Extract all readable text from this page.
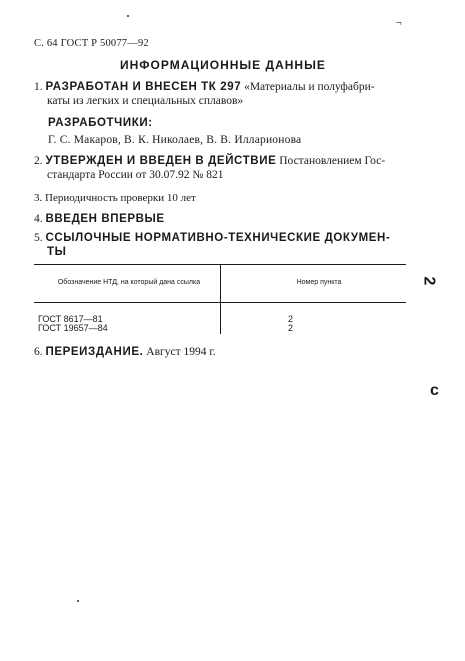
¬
С. 64 ГОСТ Р 50077—92
ИНФОРМАЦИОННЫЕ ДАННЫЕ
1. РАЗРАБОТАН И ВНЕСЕН ТК 297 «Материалы и полуфабри-
каты из легких и специальных сплавов»
РАЗРАБОТЧИКИ:
Г. С. Макаров, В. К. Николаев, В. В. Илларионова
2. УТВЕРЖДЕН И ВВЕДЕН В ДЕЙСТВИЕ Постановлением Гос-
стандарта России от 30.07.92 № 821
3. Периодичность проверки 10 лет
4. ВВЕДЕН ВПЕРВЫЕ
5. ССЫЛОЧНЫЕ НОРМАТИВНО-ТЕХНИЧЕСКИЕ ДОКУМЕН-
ТЫ
Обозначение НТД, на который дана ссылка	Номер пункта
ГОСТ 8617—81	2
ГОСТ 19657—84	2
6. ПЕРЕИЗДАНИЕ. Август 1994 г.
2
с
